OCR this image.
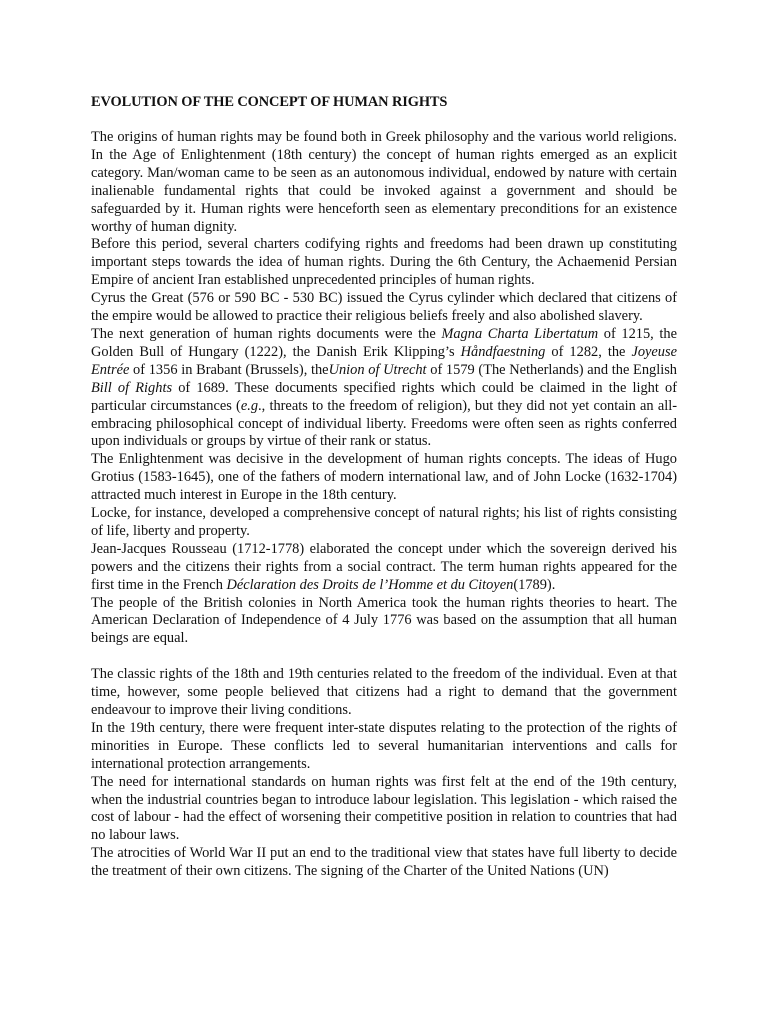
EVOLUTION OF THE CONCEPT OF HUMAN RIGHTS

The origins of human rights may be found both in Greek philosophy and the various world religions. In the Age of Enlightenment (18th century) the concept of human rights emerged as an explicit category. Man/woman came to be seen as an autonomous individual, endowed by nature with certain inalienable fundamental rights that could be invoked against a government and should be safeguarded by it. Human rights were henceforth seen as elementary preconditions for an existence worthy of human dignity.

Before this period, several charters codifying rights and freedoms had been drawn up constituting important steps towards the idea of human rights. During the 6th Century, the Achaemenid Persian Empire of ancient Iran established unprecedented principles of human rights.

Cyrus the Great (576 or 590 BC - 530 BC) issued the Cyrus cylinder which declared that citizens of the empire would be allowed to practice their religious beliefs freely and also abolished slavery.

The next generation of human rights documents were the Magna Charta Libertatum of 1215, the Golden Bull of Hungary (1222), the Danish Erik Klipping’s Håndfaestning of 1282, the Joyeuse Entrée of 1356 in Brabant (Brussels), theUnion of Utrecht of 1579 (The Netherlands) and the English Bill of Rights of 1689. These documents specified rights which could be claimed in the light of particular circumstances (e.g., threats to the freedom of religion), but they did not yet contain an all-embracing philosophical concept of individual liberty. Freedoms were often seen as rights conferred upon individuals or groups by virtue of their rank or status.

The Enlightenment was decisive in the development of human rights concepts. The ideas of Hugo Grotius (1583-1645), one of the fathers of modern international law, and of John Locke (1632-1704) attracted much interest in Europe in the 18th century.

Locke, for instance, developed a comprehensive concept of natural rights; his list of rights consisting of life, liberty and property.

Jean-Jacques Rousseau (1712-1778) elaborated the concept under which the sovereign derived his powers and the citizens their rights from a social contract. The term human rights appeared for the first time in the French Déclaration des Droits de l’Homme et du Citoyen(1789).

The people of the British colonies in North America took the human rights theories to heart. The American Declaration of Independence of 4 July 1776 was based on the assumption that all human beings are equal.

The classic rights of the 18th and 19th centuries related to the freedom of the individual. Even at that time, however, some people believed that citizens had a right to demand that the government endeavour to improve their living conditions.

In the 19th century, there were frequent inter-state disputes relating to the protection of the rights of minorities in Europe. These conflicts led to several humanitarian interventions and calls for international protection arrangements.

The need for international standards on human rights was first felt at the end of the 19th century, when the industrial countries began to introduce labour legislation. This legislation - which raised the cost of labour - had the effect of worsening their competitive position in relation to countries that had no labour laws.

The atrocities of World War II put an end to the traditional view that states have full liberty to decide the treatment of their own citizens. The signing of the Charter of the United Nations (UN)
